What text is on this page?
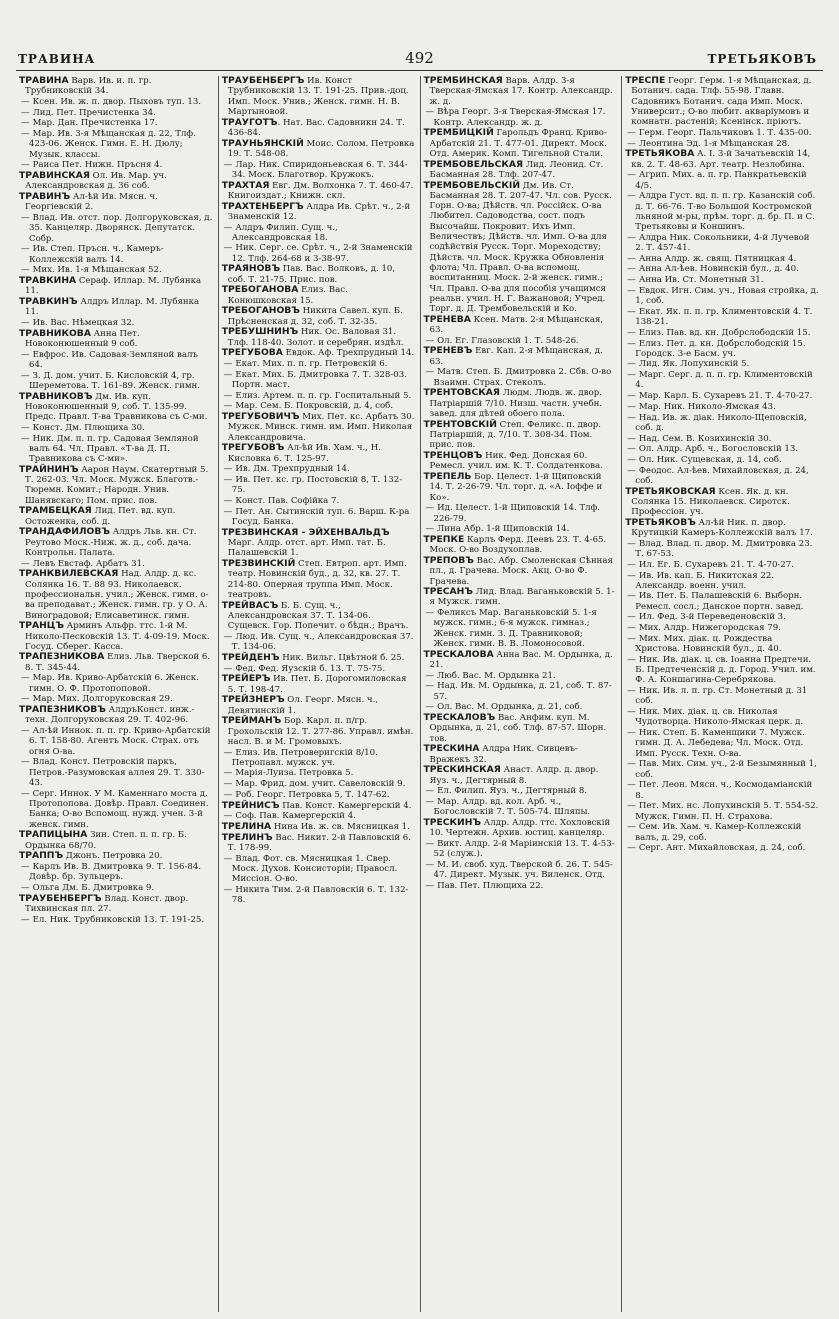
ТРАВИНА	492	ТРЕТЬЯКОВЪ
ТРАВИНА Варв. Ив. и. п. гр. Трубниковскій 34.
— Ксен. Ив. ж. п. двор. Пыховъ туп. 13.
— Лид. Пет. Пречистенка 34.
— Мар. Дан. Пречистенка 17.
— Мар. Ив. 3-я Мѣщанская д. 22, Тлф. 423-06. Женск. Гимн. Е. Н. Дюлу; Музык. классы.
— Раиса Пет. Нижн. Пръсня 4.
ТРАВИНСКАЯ Ол. Ив. Мар. уч. Александровская д. 36 соб.
ТРАВИНЪ Ал-ѣй Ив. Мясн. ч. Георгіевскій 2.
— Влад. Ив. отст. пор. Долгоруковская, д. 35. Канцеляр. Дворянск. Депутатск. Собр.
— Ив. Степ. Пръсн. ч., Камеръ-Коллежскій валъ 14.
— Мих. Ив. 1-я Мѣщанская 52.
ТРАВКИНА Сераф. Иллар. М. Лубянка 11.
ТРАВКИНЪ Алдръ Иллар. М. Лубянка 11.
— Ив. Вас. Нѣмецкая 32.
ТРАВНИКОВА Анна Пет. Новоконюшенный 9 соб.
— Евфрос. Ив. Садовая-Земляной валъ 64.
— З. Д. дом. учит. Б. Кисловскій 4, гр. Шереметова. Т. 161-89. Женск. гимн.
ТРАВНИКОВЪ Дм. Ив. куп. Новоконюшенный 9, соб. Т. 135-99. Предс. Правл. Т-ва Травникова съ С-ми.
— Конст. Дм. Плющиха 30.
— Ник. Дм. п. п. гр. Садовая Земляной валъ 64. Чл. Правл. «Т-ва Д. П. Травникова съ С-ми».
ТРАЙНИНЪ Аарон Наум. Скатертный 5. Т. 262-03. Чл. Моск. Мужск. Благотв.-Тюремн. Комит.; Народн. Унив. Шанявскаго; Пом. прис. пов.
ТРАМБЕЦКАЯ Лид. Пет. вд. куп. Остоженка, соб. д.
ТРАНДАФИЛОВЪ Алдръ Льв. кн. Ст. Реутово Моск.-Ниж. ж. д., соб. дача. Контрольн. Палата.
— Левъ Евстаф. Арбатъ 31.
ТРАНКВИЛЕВСКАЯ Над. Алдр. д. кс. Солянка 16. Т. 88 93. Николаевск. профессиональн. учил.; Женск. гимн. о-ва преподават.; Женск. гимн. гр. у О. А. Виноградовой; Елисаветинск. гимн.
ТРАНЦЪ Арминъ Альфр. ттс. 1-й М. Николо-Песковскій 13. Т. 4-09-19. Моск. Госуд. Сберег. Касса.
ТРАПЕЗНИКОВА Елиз. Льв. Тверской 6. 8. Т. 345-44.
— Мар. Ив. Криво-Арбатскій 6. Женск. гимн. О. Ф. Протопоповой.
— Мар. Мих. Долгоруковская 29.
ТРАПЕЗНИКОВЪ АлдръКонст. инж.-техн. Долгоруковская 29. Т. 402-96.
— Ал-ѣй Иннок. п. п. гр. Криво-Арбатскій 6. Т. 158-80. Агентъ Моск. Страх. отъ огня О-ва.
— Влад. Конст. Петровскій паркъ, Петров.-Разумовская аллея 29. Т. 330-43.
— Серг. Иннок. У М. Каменнаго моста д. Протопопова. Довѣр. Правл. Соединен. Банка; О-во Вспомощ. нужд. учен. 3-й женск. гимн.
ТРАПИЦЫНА Зин. Степ. п. п. гр. Б. Ордынка 68/70.
ТРАППЪ Джонъ. Петровка 20.
— Карлъ Ив. В. Дмитровка 9. Т. 156-84. Довѣр. бр. Зульцеръ.
— Ольга Дм. Б. Дмитровка 9.
ТРАУБЕНБЕРГЪ Влад. Конст. двор. Тихвинская пл. 27.
— Ел. Ник. Трубниковскій 13. Т. 191-25.
ТРАУБЕНБЕРГЪ Ив. Конст Трубниковскій 13. Т. 191-25. Прив.-доц. Имп. Моск. Унив.; Женск. гимн. Н. В. Мартыновой.
ТРАУГОТЪ. Нат. Вас. Садовникн 24. Т. 436-84.
ТРАУНЬЯНСКІЙ Моис. Солом. Петровка 19. Т. 548-08.
— Лар. Ник. Спиридоньевская 6. Т. 344-34. Моск. Благотвор. Кружокъ.
ТРАХТАЯ Евг. Дм. Волхонка 7. Т. 460-47. Книгоиздат.; Книжн. скл.
ТРАХТЕНБЕРГЪ Алдра Ив. Срѣт. ч., 2-й Знаменскій 12.
— Алдръ Филип. Сущ. ч., Александровская 18.
— Ник. Серг. се. Срѣт. ч., 2-й Знаменскій 12. Тлф. 264-68 и 3-38-97.
ТРАЯНОВЪ Пав. Вас. Волковъ, д. 10, соб. Т. 21-75. Прис. пов.
ТРЕБОГАНОВА Елиз. Вас. Конюшковская 15.
ТРЕБОГАНОВЪ Никита Савел. куп. Б. Прѣсненская д. 32, соб. Т. 32-35.
ТРЕБУШНИНЪ Ник. Ос. Валовая 31. Тлф. 118-40. Золот. и серебрян. издѣл.
ТРЕГУБОВА Евдок. Аф. Трехпрудный 14.
— Екат. Мих. п. п. гр. Петровскій 6.
— Екат. Мих. Б. Дмитровка 7. Т. 328-03. Портн. маст.
— Елиз. Артем. п. п. гр. Госпитальный 5.
— Мар. Сем. Б. Покровскій, д. 4, соб.
ТРЕГУБОВИЧЪ Мих. Пет. кс. Арбатъ 30. Мужск. Минск. гимн. им. Имп. Николая Александровича.
ТРЕГУБОВЪ Ал-ѣй Ив. Хам. ч., Н. Кисловка 6. Т. 125-97.
— Ив. Дм. Трехпрудный 14.
— Ив. Пет. кс. гр. Постовскій 8, Т. 132-75.
— Конст. Пав. Софійка 7.
— Пет. Ан. Сытинскій туп. 6. Варш. К-ра Госуд. Банка.
ТРЕЗВИНСКАЯ - ЭЙХЕНВАЛЬДЪ Марг. Алдр. отст. арт. Имп. тат. Б. Палашевскій 1.
ТРЕЗВИНСКІЙ Степ. Евтроп. арт. Имп. театр. Новинскій буд., д. 32, кв. 27. Т. 214-80. Оперная труппа Имп. Моск. театровъ.
ТРЕЙВАСЪ Б. Б. Сущ. ч., Александровская 37. Т. 134-06. Сущевск. Гор. Попечит. о бѣдн.; Врачъ.
— Люд. Ив. Сущ. ч., Александровская 37. Т. 134-06.
ТРЕЙДЕНЪ Ник. Вильг. Цвѣтной б. 25.
— Фед. Фед. Яузскій б. 13. Т. 75-75.
ТРЕЙЕРЪ Ив. Пет. Б. Дорогомиловская 5. Т. 198-47.
ТРЕЙЗНЕРЪ Ол. Георг. Мясн. ч., Девятинскій 1.
ТРЕЙМАНЪ Бор. Карл. п. п/гр. Грохольскій 12. Т. 277-86. Управл. имѣн. насл. В. и М. Громовыхъ.
— Елиз. Ив. Петроверигскій 8/10. Петропавл. мужск. уч.
— Марія-Луиза. Петровка 5.
— Мар. Фрид. дом. учит. Савеловскій 9.
— Роб. Георг. Петровка 5, Т. 147-62.
ТРЕЙНИСЪ Пав. Конст. Камергерскій 4.
— Соф. Пав. Камергерскій 4.
ТРЕЛИНА Нина Ив. ж. св. Мясницкая 1.
ТРЕЛИНЪ Вас. Никит. 2-й Павловскій 6. Т. 178-99.
— Влад. Фот. св. Мясницкая 1. Свер. Моск. Духов. Консисторіи; Правосл. Миссіон. О-во.
— Никита Тим. 2-й Павловскій 6. Т. 132-78.
ТРЕМБИНСКАЯ Варв. Алдр. 3-я Тверская-Ямская 17. Контр. Александр. ж. д.
— Вѣра Георг. 3-я Тверская-Ямская 17. Контр. Александр. ж. д.
ТРЕМБИЦКІЙ Гарольдъ Франц. Криво-Арбатскій 21. Т. 477-01. Директ. Моск. Отд. Америк. Комп. Тигельной Стали.
ТРЕМБОВЕЛЬСКАЯ Лид. Леонид. Ст. Басманная 28. Тлф. 207-47.
ТРЕМБОВЕЛЬСКІЙ Дм. Ив. Ст. Басманная 28. Т. 207-47. Чл. сов. Русск. Горн. О-ва; Дѣйств. чл. Россійск. О-ва Любител. Садоводства, сост. подъ Высочайш. Покровит. Ихъ Имп. Величествъ; Дѣйств. чл. Имп. О-ва для содѣйствія Русск. Торг. Мореходству; Дѣйств. чл. Моск. Кружка Обновленія флота; Чл. Правл. О-ва вспомощ. воспитанниц. Моск. 2-й женск. гимн.; Чл. Правл. О-ва для пособія учащимся реальн. учил. Н. Г. Важановой; Учред. Торг. д. Д. Трембовельскій и Ко.
ТРЕНЕВА Ксен. Матв. 2-я Мѣщанская, 63.
— Ол. Ег. Глазовскій 1. Т. 548-26.
ТРЕНЕВЪ Евг. Кап. 2-я Мѣщанская, д. 63.
— Матв. Степ. Б. Дмитровка 2. Сбв. О-во Взаимн. Страх. Стеколъ.
ТРЕНТОВСКАЯ Людм. Людв. ж. двор. Патріаршій 7/10. Низш. частн. учебн. завед. для дѣтей обоего пола.
ТРЕНТОВСКІЙ Степ. Феликс. п. двор. Патріаршій, д. 7/10. Т. 308-34. Пом. прис. пов.
ТРЕНЦОВЪ Ник. Фед. Донская 60. Ремесл. учил. им. К. Т. Солдатенкова.
ТРЕПЕЛЬ Бор. Целест. 1-й Щиповскій 14. Т. 2-26-79. Чл. торг. д. «А. Іоффе и Ко».
— Ид. Целест. 1-й Щиповскій 14. Тлф. 226-79.
— Лина Абр. 1-й Щиповскій 14.
ТРЕПКЕ Карлъ Ферд. Деевъ 23. Т. 4-65. Моск. О-во Воздухоплав.
ТРЕПОВЪ Вас. Абр. Смоленская Сѣнная пл., д. Грачева. Моск. Акц. О-во Ф. Грачева.
ТРЕСАНЪ Лид. Влад. Ваганьковскій 5. 1-я Мужск. гимн.
— Феликсъ Мар. Ваганьковскій 5. 1-я мужск. гимн.; 6-я мужск. гимназ.; Женск. гимн. З. Д. Травниковой; Женск. гимн. В. В. Ломоносовой.
ТРЕСКАЛОВА Анна Вас. М. Ордынка, д. 21.
— Люб. Вас. М. Ордынка 21.
— Над. Ив. М. Ордынка, д. 21, соб. Т. 87-57.
— Ол. Вас. М. Ордынка, д. 21, соб.
ТРЕСКАЛОВЪ Вас. Анфим. куп. М. Ордынка, д. 21, соб. Тлф. 87-57. Шорн. тов.
ТРЕСКИНА Алдра Ник. Сивцевъ-Вражекъ 32.
ТРЕСКИНСКАЯ Анаст. Алдр. д. двор. Яуз. ч., Дегтярный 8.
— Ел. Филип. Яуз. ч., Дегтярный 8.
— Мар. Алдр. вд. кол. Арб. ч., Богословскій 7. Т. 505-74. Шляпы.
ТРЕСКИНЪ Алдр. Алдр. ттс. Хохловскій 10. Чертежн. Архив. юстиц. канцеляр.
— Викт. Алдр. 2-й Маріинскій 13. Т. 4-53-52 (служ.).
— М. И. своб. худ. Тверской б. 26. Т. 545-47. Директ. Музык. уч. Виленск. Отд.
— Пав. Пет. Плющиха 22.
ТРЕСПЕ Георг. Герм. 1-я Мѣщанская, д. Ботанич. сада. Тлф. 55-98. Главн. Садовникъ Ботанич. сада Имп. Моск. Университ.; О-во любит. акваріумовъ и комнатн. растеній; Ксенінск. пріютъ.
— Герм. Георг. Пальчиковъ 1. Т. 435-00.
— Леонтина Эд. 1-я Мѣщанская 28.
ТРЕТЬЯКОВА А. І. 3-й Зачатьевскій 14, кв. 2. Т. 48-63. Арт. театр. Незлобина.
— Агрип. Мих. а. п. гр. Панкратьевскій 4/5.
— Алдра Густ. вд. п. п. гр. Казанскій соб. д. Т. 66-76. Т-во Большой Костромской льняной м-ры, прѣм. торг. д. бр. П. и С. Третьяковы и Коншинъ.
— Алдра Ник. Сокольники, 4-й Лучевой 2. Т. 457-41.
— Анна Алдр. ж. свящ. Пятницкая 4.
— Анна Ал-ѣев. Новинскій бул., д. 40.
— Анна Ив. Ст. Монетный 31.
— Евдок. Игн. Сим. уч., Новая стройка, д. 1, соб.
— Екат. Як. п. п. гр. Климентовскій 4. Т. 138-21.
— Елиз. Пав. вд. кн. Добрслободскій 15.
— Елиз. Пет. д. кн. Добрслободскій 15. Городск. 3-е Басм. уч.
— Лид. Як. Лопухинскій 5.
— Марг. Серг. д. п. п. гр. Климентовскій 4.
— Мар. Карл. Б. Сухаревъ 21. Т. 4-70-27.
— Мар. Ник. Николо-Ямская 43.
— Над. Ив. ж. діак. Николо-Щеповскій, соб. д.
— Над. Сем. В. Козихинскій 30.
— Ол. Алдр. Арб. ч., Богословскій 13.
— Ол. Ник. Сущевская, д. 14, соб.
— Феодос. Ал-ѣев. Михайловская, д. 24, соб.
ТРЕТЬЯКОВСКАЯ Ксен. Як. д. кн. Солянка 15. Николаевск. Сиротск. Профессіон. уч.
ТРЕТЬЯКОВЪ Ал-ѣй Ник. п. двор. Крутицкій Камеръ-Коллежскій валъ 17.
— Влад. Влад. п. двор. М. Дмитровка 23. Т. 67-53.
— Ил. Ег. Б. Сухаревъ 21. Т. 4-70-27.
— Ив. Ив. кап. Б. Никитская 22. Александр. военн. учил.
— Ив. Пет. Б. Палашевскій 6. Выборн. Ремесл. сосл.; Данское портн. завед.
— Ил. Фед. 3-й Переведеновскій 3.
— Мих. Алдр. Нижегородская 79.
— Мих. Мих. діак. ц. Рождества Христова. Новинскій бул., д. 40.
— Ник. Ив. діак. ц. св. Іоанна Предтечи. Б. Предтеченскій д. д. Город. Учил. им. Ф. А. Коншагина-Серебрякова.
— Ник. Ив. л. п. гр. Ст. Монетный д. 31 соб.
— Ник. Мих. діак. ц. св. Николая Чудотворца. Николо-Ямская церк. д.
— Ник. Степ. Б. Каменщики 7. Мужск. гимн. Д. А. Лебедева; Чл. Моск. Отд. Имп. Русск. Техн. О-ва.
— Пав. Мих. Сим. уч., 2-й Безымянный 1, соб.
— Пет. Леон. Мясн. ч., Космодаміанскій 8.
— Пет. Мих. нс. Лопухинскій 5. Т. 554-52. Мужск. Гимн. П. Н. Страхова.
— Сем. Ив. Хам. ч. Камер-Коллежскій валъ, д. 29, соб.
— Серг. Ант. Михайловская, д. 24, соб.
